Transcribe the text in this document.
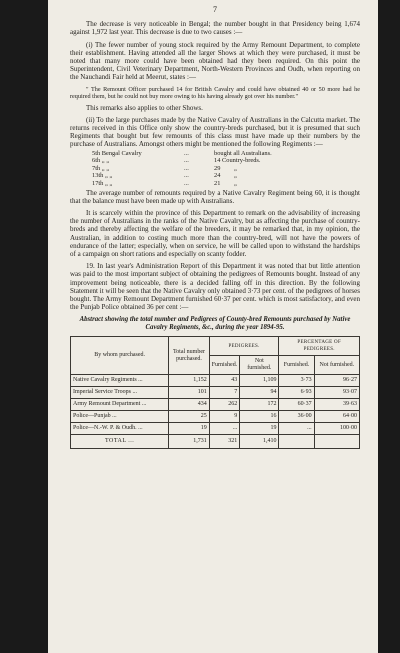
7

The decrease is very noticeable in Bengal; the number bought in that Presidency being 1,674 against 1,972 last year. This decrease is due to two causes :—

(i) The fewer number of young stock required by the Army Remount Department, to complete their establishment. Having attended all the larger Shows at which they were purchased, it must be noted that many more could have been obtained had they been required. On this point the Superintendent, Civil Veterinary Department, North-Western Provinces and Oudh, when reporting on the Nauchandi Fair held at Meerut, states :—

" The Remount Officer purchased 14 for British Cavalry and could have obtained 40 or 50 more had he required them, but he could not buy more owing to his having already got over his number."

This remarks also applies to other Shows.

(ii) To the large purchases made by the Native Cavalry of Australians in the Calcutta market. The returns received in this Office only show the country-breds purchased, but it is presumed that such Regiments that bought but few remounts of this class must have made up their numbers by the purchase of Australians. Amongst others might be mentioned the following Regiments :—

5th Bengal Cavalry	...	bought all Australians.
6th „ „	...	14 Country-breds.
7th „ „	...	29	„
13th „ „	...	24	„
17th „ „	...	21	„

The average number of remounts required by a Native Cavalry Regiment being 60, it is thought that the balance must have been made up with Australians.

It is scarcely within the province of this Department to remark on the advisability of increasing the number of Australians in the ranks of the Native Cavalry, but as affecting the purchase of country-breds and thereby affecting the welfare of the breeders, it may be remarked that, in my opinion, the Australian, in addition to costing much more than the country-bred, will not have the powers of endurance of the latter; especially, when on service, he will be called upon to withstand the hardships of a campaign on short rations and especially on scanty fodder.

19. In last year's Administration Report of this Department it was noted that but little attention was paid to the most important subject of obtaining the pedigrees of Remounts bought. Instead of any improvement being noticeable, there is a decided falling off in this direction. By the following Statement it will be seen that the Native Cavalry only obtained 3·73 per cent. of the pedigrees of horses bought. The Army Remount Department furnished 60·37 per cent. which is most satisfactory, and even the Punjab Police obtained 36 per cent :—

Abstract showing the total number and Pedigrees of County-bred Remounts purchased by Native Cavalry Regiments, &c., during the year 1894-95.
By whom purchased.	Total number purchased.	PEDIGREES.		PERCENTAGE OF PEDIGREES.	
		Furnished.	Not furnished.	Furnished.	Not furnished.
Native Cavalry Regiments ...	1,152	43	1,109	3·73	96·27
Imperial Service Troops ...	101	7	94	6·93	93·07
Army Remount Department ...	434	262	172	60·37	39·63
Police—Punjab ...	25	9	16	36·00	64·00
Police—N.-W. P. & Oudh. ...	19	...	19	...	100·00
TOTAL ...	1,731	321	1,410		
